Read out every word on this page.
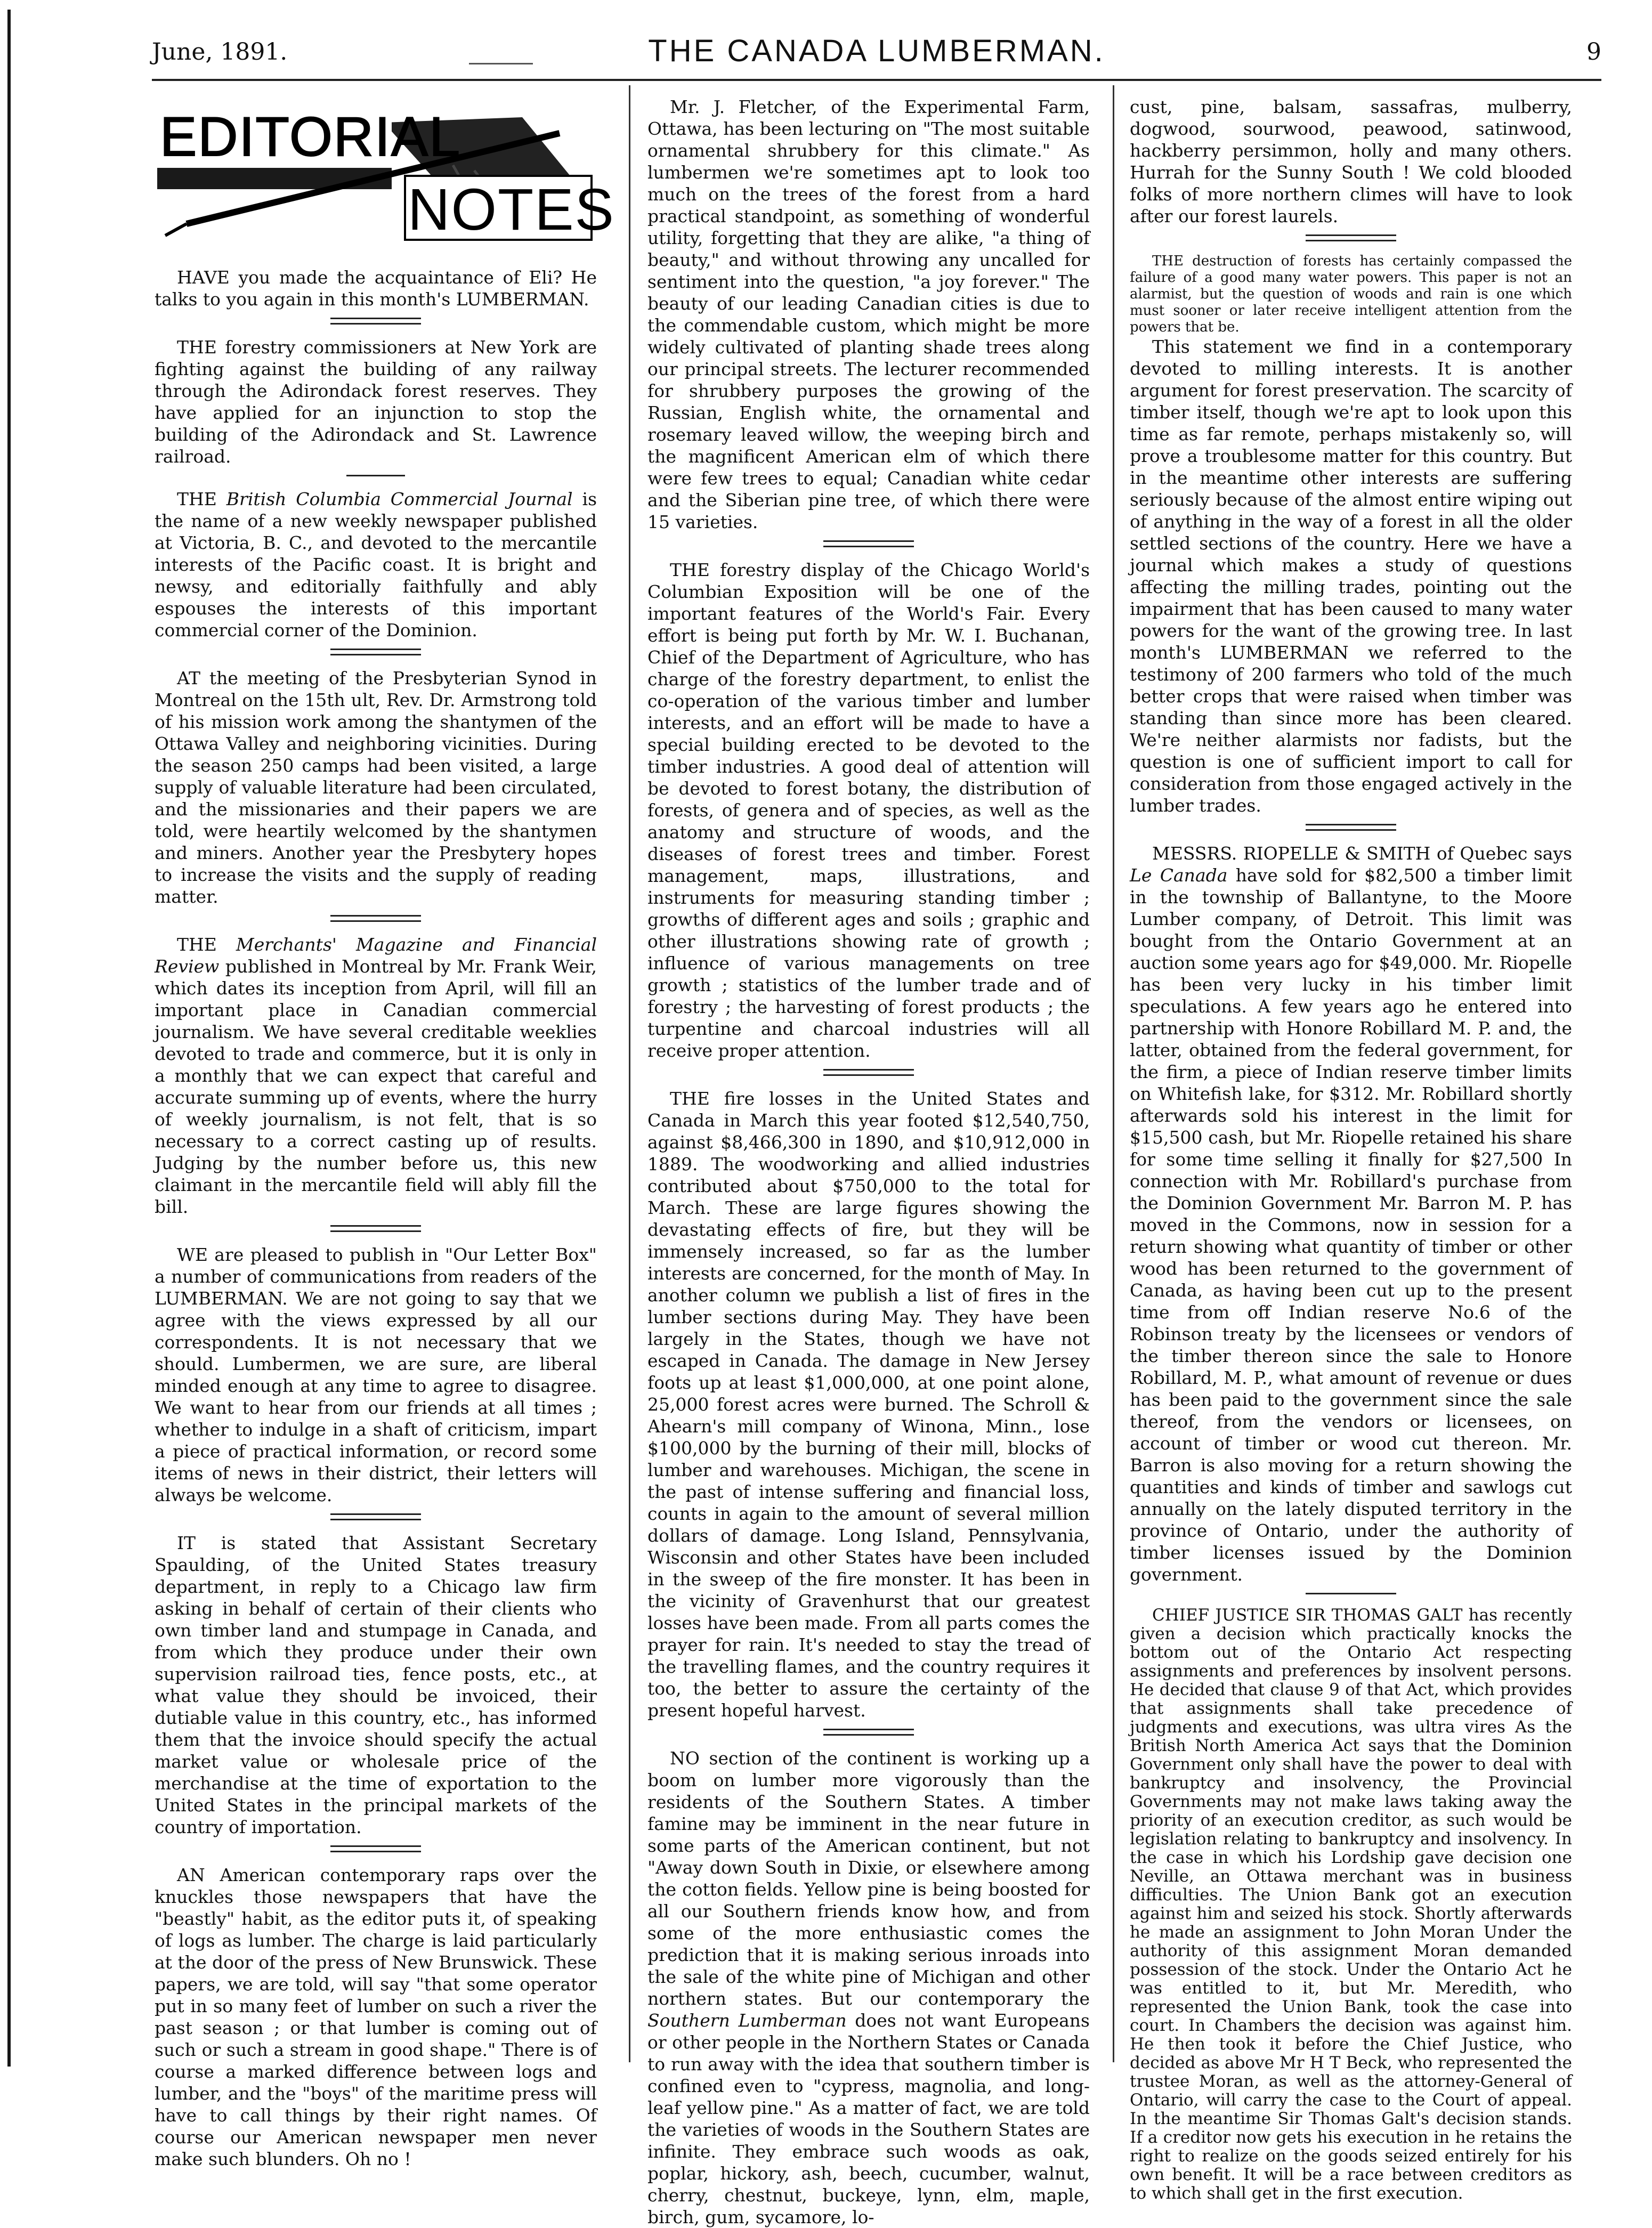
June, 1891.	THE CANADA LUMBERMAN.	9
EDITORIAL
NOTES

HAVE you made the acquaintance of Eli? He talks to you again in this month's LUMBERMAN.

THE forestry commissioners at New York are fighting against the building of any railway through the Adirondack forest reserves. They have applied for an injunction to stop the building of the Adirondack and St. Lawrence railroad.

THE British Columbia Commercial Journal is the name of a new weekly newspaper published at Victoria, B. C., and devoted to the mercantile interests of the Pacific coast. It is bright and newsy, and editorially faithfully and ably espouses the interests of this important commercial corner of the Dominion.

AT the meeting of the Presbyterian Synod in Montreal on the 15th ult, Rev. Dr. Armstrong told of his mission work among the shantymen of the Ottawa Valley and neighboring vicinities. During the season 250 camps had been visited, a large supply of valuable literature had been circulated, and the missionaries and their papers we are told, were heartily welcomed by the shantymen and miners. Another year the Presbytery hopes to increase the visits and the supply of reading matter.

THE Merchants' Magazine and Financial Review published in Montreal by Mr. Frank Weir, which dates its inception from April, will fill an important place in Canadian commercial journalism. We have several creditable weeklies devoted to trade and commerce, but it is only in a monthly that we can expect that careful and accurate summing up of events, where the hurry of weekly journalism, is not felt, that is so necessary to a correct casting up of results. Judging by the number before us, this new claimant in the mercantile field will ably fill the bill.

WE are pleased to publish in "Our Letter Box" a number of communications from readers of the LUMBERMAN. We are not going to say that we agree with the views expressed by all our correspondents. It is not necessary that we should. Lumbermen, we are sure, are liberal minded enough at any time to agree to disagree. We want to hear from our friends at all times ; whether to indulge in a shaft of criticism, impart a piece of practical information, or record some items of news in their district, their letters will always be welcome.

IT is stated that Assistant Secretary Spaulding, of the United States treasury department, in reply to a Chicago law firm asking in behalf of certain of their clients who own timber land and stumpage in Canada, and from which they produce under their own supervision railroad ties, fence posts, etc., at what value they should be invoiced, their dutiable value in this country, etc., has informed them that the invoice should specify the actual market value or wholesale price of the merchandise at the time of exportation to the United States in the principal markets of the country of importation.

AN American contemporary raps over the knuckles those newspapers that have the "beastly" habit, as the editor puts it, of speaking of logs as lumber. The charge is laid particularly at the door of the press of New Brunswick. These papers, we are told, will say "that some operator put in so many feet of lumber on such a river the past season ; or that lumber is coming out of such or such a stream in good shape." There is of course a marked difference between logs and lumber, and the "boys" of the maritime press will have to call things by their right names. Of course our American newspaper men never make such blunders. Oh no !

Mr. J. Fletcher, of the Experimental Farm, Ottawa, has been lecturing on "The most suitable ornamental shrubbery for this climate." As lumbermen we're sometimes apt to look too much on the trees of the forest from a hard practical standpoint, as something of wonderful utility, forgetting that they are alike, "a thing of beauty," and without throwing any uncalled for sentiment into the question, "a joy forever." The beauty of our leading Canadian cities is due to the commendable custom, which might be more widely cultivated of planting shade trees along our principal streets. The lecturer recommended for shrubbery purposes the growing of the Russian, English white, the ornamental and rosemary leaved willow, the weeping birch and the magnificent American elm of which there were few trees to equal; Canadian white cedar and the Siberian pine tree, of which there were 15 varieties.

THE forestry display of the Chicago World's Columbian Exposition will be one of the important features of the World's Fair. Every effort is being put forth by Mr. W. I. Buchanan, Chief of the Department of Agriculture, who has charge of the forestry department, to enlist the co-operation of the various timber and lumber interests, and an effort will be made to have a special building erected to be devoted to the timber industries. A good deal of attention will be devoted to forest botany, the distribution of forests, of genera and of species, as well as the anatomy and structure of woods, and the diseases of forest trees and timber. Forest management, maps, illustrations, and instruments for measuring standing timber ; growths of different ages and soils ; graphic and other illustrations showing rate of growth ; influence of various managements on tree growth ; statistics of the lumber trade and of forestry ; the harvesting of forest products ; the turpentine and charcoal industries will all receive proper attention.

THE fire losses in the United States and Canada in March this year footed $12,540,750, against $8,466,300 in 1890, and $10,912,000 in 1889. The woodworking and allied industries contributed about $750,000 to the total for March. These are large figures showing the devastating effects of fire, but they will be immensely increased, so far as the lumber interests are concerned, for the month of May. In another column we publish a list of fires in the lumber sections during May. They have been largely in the States, though we have not escaped in Canada. The damage in New Jersey foots up at least $1,000,000, at one point alone, 25,000 forest acres were burned. The Schroll & Ahearn's mill company of Winona, Minn., lose $100,000 by the burning of their mill, blocks of lumber and warehouses. Michigan, the scene in the past of intense suffering and financial loss, counts in again to the amount of several million dollars of damage. Long Island, Pennsylvania, Wisconsin and other States have been included in the sweep of the fire monster. It has been in the vicinity of Gravenhurst that our greatest losses have been made. From all parts comes the prayer for rain. It's needed to stay the tread of the travelling flames, and the country requires it too, the better to assure the certainty of the present hopeful harvest.

NO section of the continent is working up a boom on lumber more vigorously than the residents of the Southern States. A timber famine may be imminent in the near future in some parts of the American continent, but not "Away down South in Dixie, or elsewhere among the cotton fields. Yellow pine is being boosted for all our Southern friends know how, and from some of the more enthusiastic comes the prediction that it is making serious inroads into the sale of the white pine of Michigan and other northern states. But our contemporary the Southern Lumberman does not want Europeans or other people in the Northern States or Canada to run away with the idea that southern timber is confined even to "cypress, magnolia, and long-leaf yellow pine." As a matter of fact, we are told the varieties of woods in the Southern States are infinite. They embrace such woods as oak, poplar, hickory, ash, beech, cucumber, walnut, cherry, chestnut, buckeye, lynn, elm, maple, birch, gum, sycamore, lo-

cust, pine, balsam, sassafras, mulberry, dogwood, sourwood, peawood, satinwood, hackberry persimmon, holly and many others. Hurrah for the Sunny South ! We cold blooded folks of more northern climes will have to look after our forest laurels.

THE destruction of forests has certainly compassed the failure of a good many water powers. This paper is not an alarmist, but the question of woods and rain is one which must sooner or later receive intelligent attention from the powers that be.

This statement we find in a contemporary devoted to milling interests. It is another argument for forest preservation. The scarcity of timber itself, though we're apt to look upon this time as far remote, perhaps mistakenly so, will prove a troublesome matter for this country. But in the meantime other interests are suffering seriously because of the almost entire wiping out of anything in the way of a forest in all the older settled sections of the country. Here we have a journal which makes a study of questions affecting the milling trades, pointing out the impairment that has been caused to many water powers for the want of the growing tree. In last month's LUMBERMAN we referred to the testimony of 200 farmers who told of the much better crops that were raised when timber was standing than since more has been cleared. We're neither alarmists nor fadists, but the question is one of sufficient import to call for consideration from those engaged actively in the lumber trades.

MESSRS. RIOPELLE & SMITH of Quebec says Le Canada have sold for $82,500 a timber limit in the township of Ballantyne, to the Moore Lumber company, of Detroit. This limit was bought from the Ontario Government at an auction some years ago for $49,000. Mr. Riopelle has been very lucky in his timber limit speculations. A few years ago he entered into partnership with Honore Robillard M. P. and, the latter, obtained from the federal government, for the firm, a piece of Indian reserve timber limits on Whitefish lake, for $312. Mr. Robillard shortly afterwards sold his interest in the limit for $15,500 cash, but Mr. Riopelle retained his share for some time selling it finally for $27,500 In connection with Mr. Robillard's purchase from the Dominion Government Mr. Barron M. P. has moved in the Commons, now in session for a return showing what quantity of timber or other wood has been returned to the government of Canada, as having been cut up to the present time from off Indian reserve No.6 of the Robinson treaty by the licensees or vendors of the timber thereon since the sale to Honore Robillard, M. P., what amount of revenue or dues has been paid to the government since the sale thereof, from the vendors or licensees, on account of timber or wood cut thereon. Mr. Barron is also moving for a return showing the quantities and kinds of timber and sawlogs cut annually on the lately disputed territory in the province of Ontario, under the authority of timber licenses issued by the Dominion government.

CHIEF JUSTICE SIR THOMAS GALT has recently given a decision which practically knocks the bottom out of the Ontario Act respecting assignments and preferences by insolvent persons. He decided that clause 9 of that Act, which provides that assignments shall take precedence of judgments and executions, was ultra vires As the British North America Act says that the Dominion Government only shall have the power to deal with bankruptcy and insolvency, the Provincial Governments may not make laws taking away the priority of an execution creditor, as such would be legislation relating to bankruptcy and insolvency. In the case in which his Lordship gave decision one Neville, an Ottawa merchant was in business difficulties. The Union Bank got an execution against him and seized his stock. Shortly afterwards he made an assignment to John Moran Under the authority of this assignment Moran demanded possession of the stock. Under the Ontario Act he was entitled to it, but Mr. Meredith, who represented the Union Bank, took the case into court. In Chambers the decision was against him. He then took it before the Chief Justice, who decided as above Mr H T Beck, who represented the trustee Moran, as well as the attorney-General of Ontario, will carry the case to the Court of appeal. In the meantime Sir Thomas Galt's decision stands. If a creditor now gets his execution in he retains the right to realize on the goods seized entirely for his own benefit. It will be a race between creditors as to which shall get in the first execution.
